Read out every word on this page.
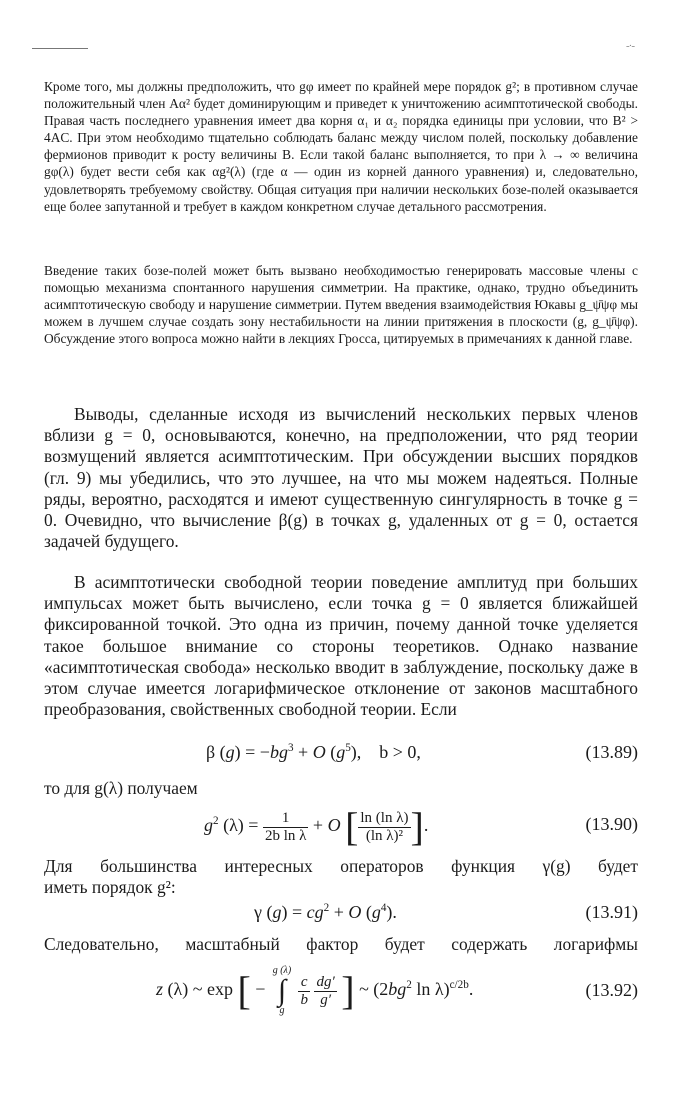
-·-

Кроме того, мы должны предположить, что gφ имеет по крайней мере порядок g²; в противном случае положительный член Aα² будет доминирующим и приведет к уничтожению асимптотической свободы. Правая часть последнего уравнения имеет два корня α₁ и α₂ порядка единицы при условии, что B² > 4AC. При этом необходимо тщательно соблюдать баланс между числом полей, поскольку добавление фермионов приводит к росту величины B. Если такой баланс выполняется, то при λ → ∞ величина gφ(λ) будет вести себя как αg²(λ) (где α — один из корней данного уравнения) и, следовательно, удовлетворять требуемому свойству. Общая ситуация при наличии нескольких бозе-полей оказывается еще более запутанной и требует в каждом конкретном случае детального рассмотрения.

Введение таких бозе-полей может быть вызвано необходимостью генерировать массовые члены с помощью механизма спонтанного нарушения симметрии. На практике, однако, трудно объединить асимптотическую свободу и нарушение симметрии. Путем введения взаимодействия Юкавы g_ψ̄ψφ мы можем в лучшем случае создать зону нестабильности на линии притяжения в плоскости (g, g_ψ̄ψφ). Обсуждение этого вопроса можно найти в лекциях Гросса, цитируемых в примечаниях к данной главе.

Выводы, сделанные исходя из вычислений нескольких первых членов вблизи g = 0, основываются, конечно, на предположении, что ряд теории возмущений является асимптотическим. При обсуждении высших порядков (гл. 9) мы убедились, что это лучшее, на что мы можем надеяться. Полные ряды, вероятно, расходятся и имеют существенную сингулярность в точке g = 0. Очевидно, что вычисление β(g) в точках g, удаленных от g = 0, остается задачей будущего.

В асимптотически свободной теории поведение амплитуд при больших импульсах может быть вычислено, если точка g = 0 является ближайшей фиксированной точкой. Это одна из причин, почему данной точке уделяется такое большое внимание со стороны теоретиков. Однако название «асимптотическая свобода» несколько вводит в заблуждение, поскольку даже в этом случае имеется логарифмическое отклонение от законов масштабного преобразования, свойственных свободной теории. Если

β $(g) = -bg^3 + O$ $(g^5)$,    b > 0,	(13.89)
то для g(λ) получаем
$g^2$ $(\lambda) = \frac{1}{\text{2b ln λ}} + O$ [ $\frac{\text{ln (ln λ)}}{\text{(ln λ)²}}$ ].	(13.90)
Для большинства интересных операторов функция γ(g) будет
иметь порядок g²:
γ $(g) = cg^2 + O$ $(g^4)$.	(13.91)
Следовательно, масштабный фактор будет содержать логарифмы
z (λ) ~ exp [ −
g (λ)
∫
g

$\frac{c}{b}$
$\frac{dg'}{g'}$ ] ~ ($2bg^2$ ln λ)$^{c/2b}$.	(13.92)
